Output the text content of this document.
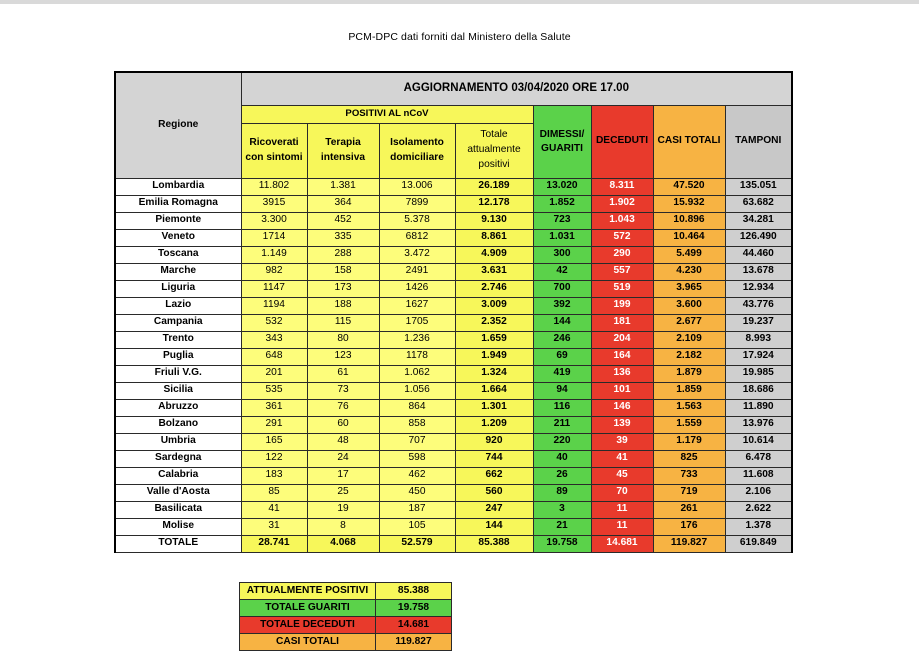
PCM-DPC dati forniti dal Ministero della Salute
Regione	AGGIORNAMENTO 03/04/2020 ORE 17.00							
	POSITIVI AL nCoV				DIMESSI/ GUARITI	DECEDUTI	CASI TOTALI	TAMPONI
	Ricoverati con sintomi	Terapia intensiva	Isolamento domiciliare	Totale attualmente positivi				
Lombardia	11.802	1.381	13.006	26.189	13.020	8.311	47.520	135.051
Emilia Romagna	3915	364	7899	12.178	1.852	1.902	15.932	63.682
Piemonte	3.300	452	5.378	9.130	723	1.043	10.896	34.281
Veneto	1714	335	6812	8.861	1.031	572	10.464	126.490
Toscana	1.149	288	3.472	4.909	300	290	5.499	44.460
Marche	982	158	2491	3.631	42	557	4.230	13.678
Liguria	1147	173	1426	2.746	700	519	3.965	12.934
Lazio	1194	188	1627	3.009	392	199	3.600	43.776
Campania	532	115	1705	2.352	144	181	2.677	19.237
Trento	343	80	1.236	1.659	246	204	2.109	8.993
Puglia	648	123	1178	1.949	69	164	2.182	17.924
Friuli V.G.	201	61	1.062	1.324	419	136	1.879	19.985
Sicilia	535	73	1.056	1.664	94	101	1.859	18.686
Abruzzo	361	76	864	1.301	116	146	1.563	11.890
Bolzano	291	60	858	1.209	211	139	1.559	13.976
Umbria	165	48	707	920	220	39	1.179	10.614
Sardegna	122	24	598	744	40	41	825	6.478
Calabria	183	17	462	662	26	45	733	11.608
Valle d'Aosta	85	25	450	560	89	70	719	2.106
Basilicata	41	19	187	247	3	11	261	2.622
Molise	31	8	105	144	21	11	176	1.378
TOTALE	28.741	4.068	52.579	85.388	19.758	14.681	119.827	619.849
ATTUALMENTE POSITIVI	85.388
TOTALE GUARITI	19.758
TOTALE DECEDUTI	14.681
CASI TOTALI	119.827
